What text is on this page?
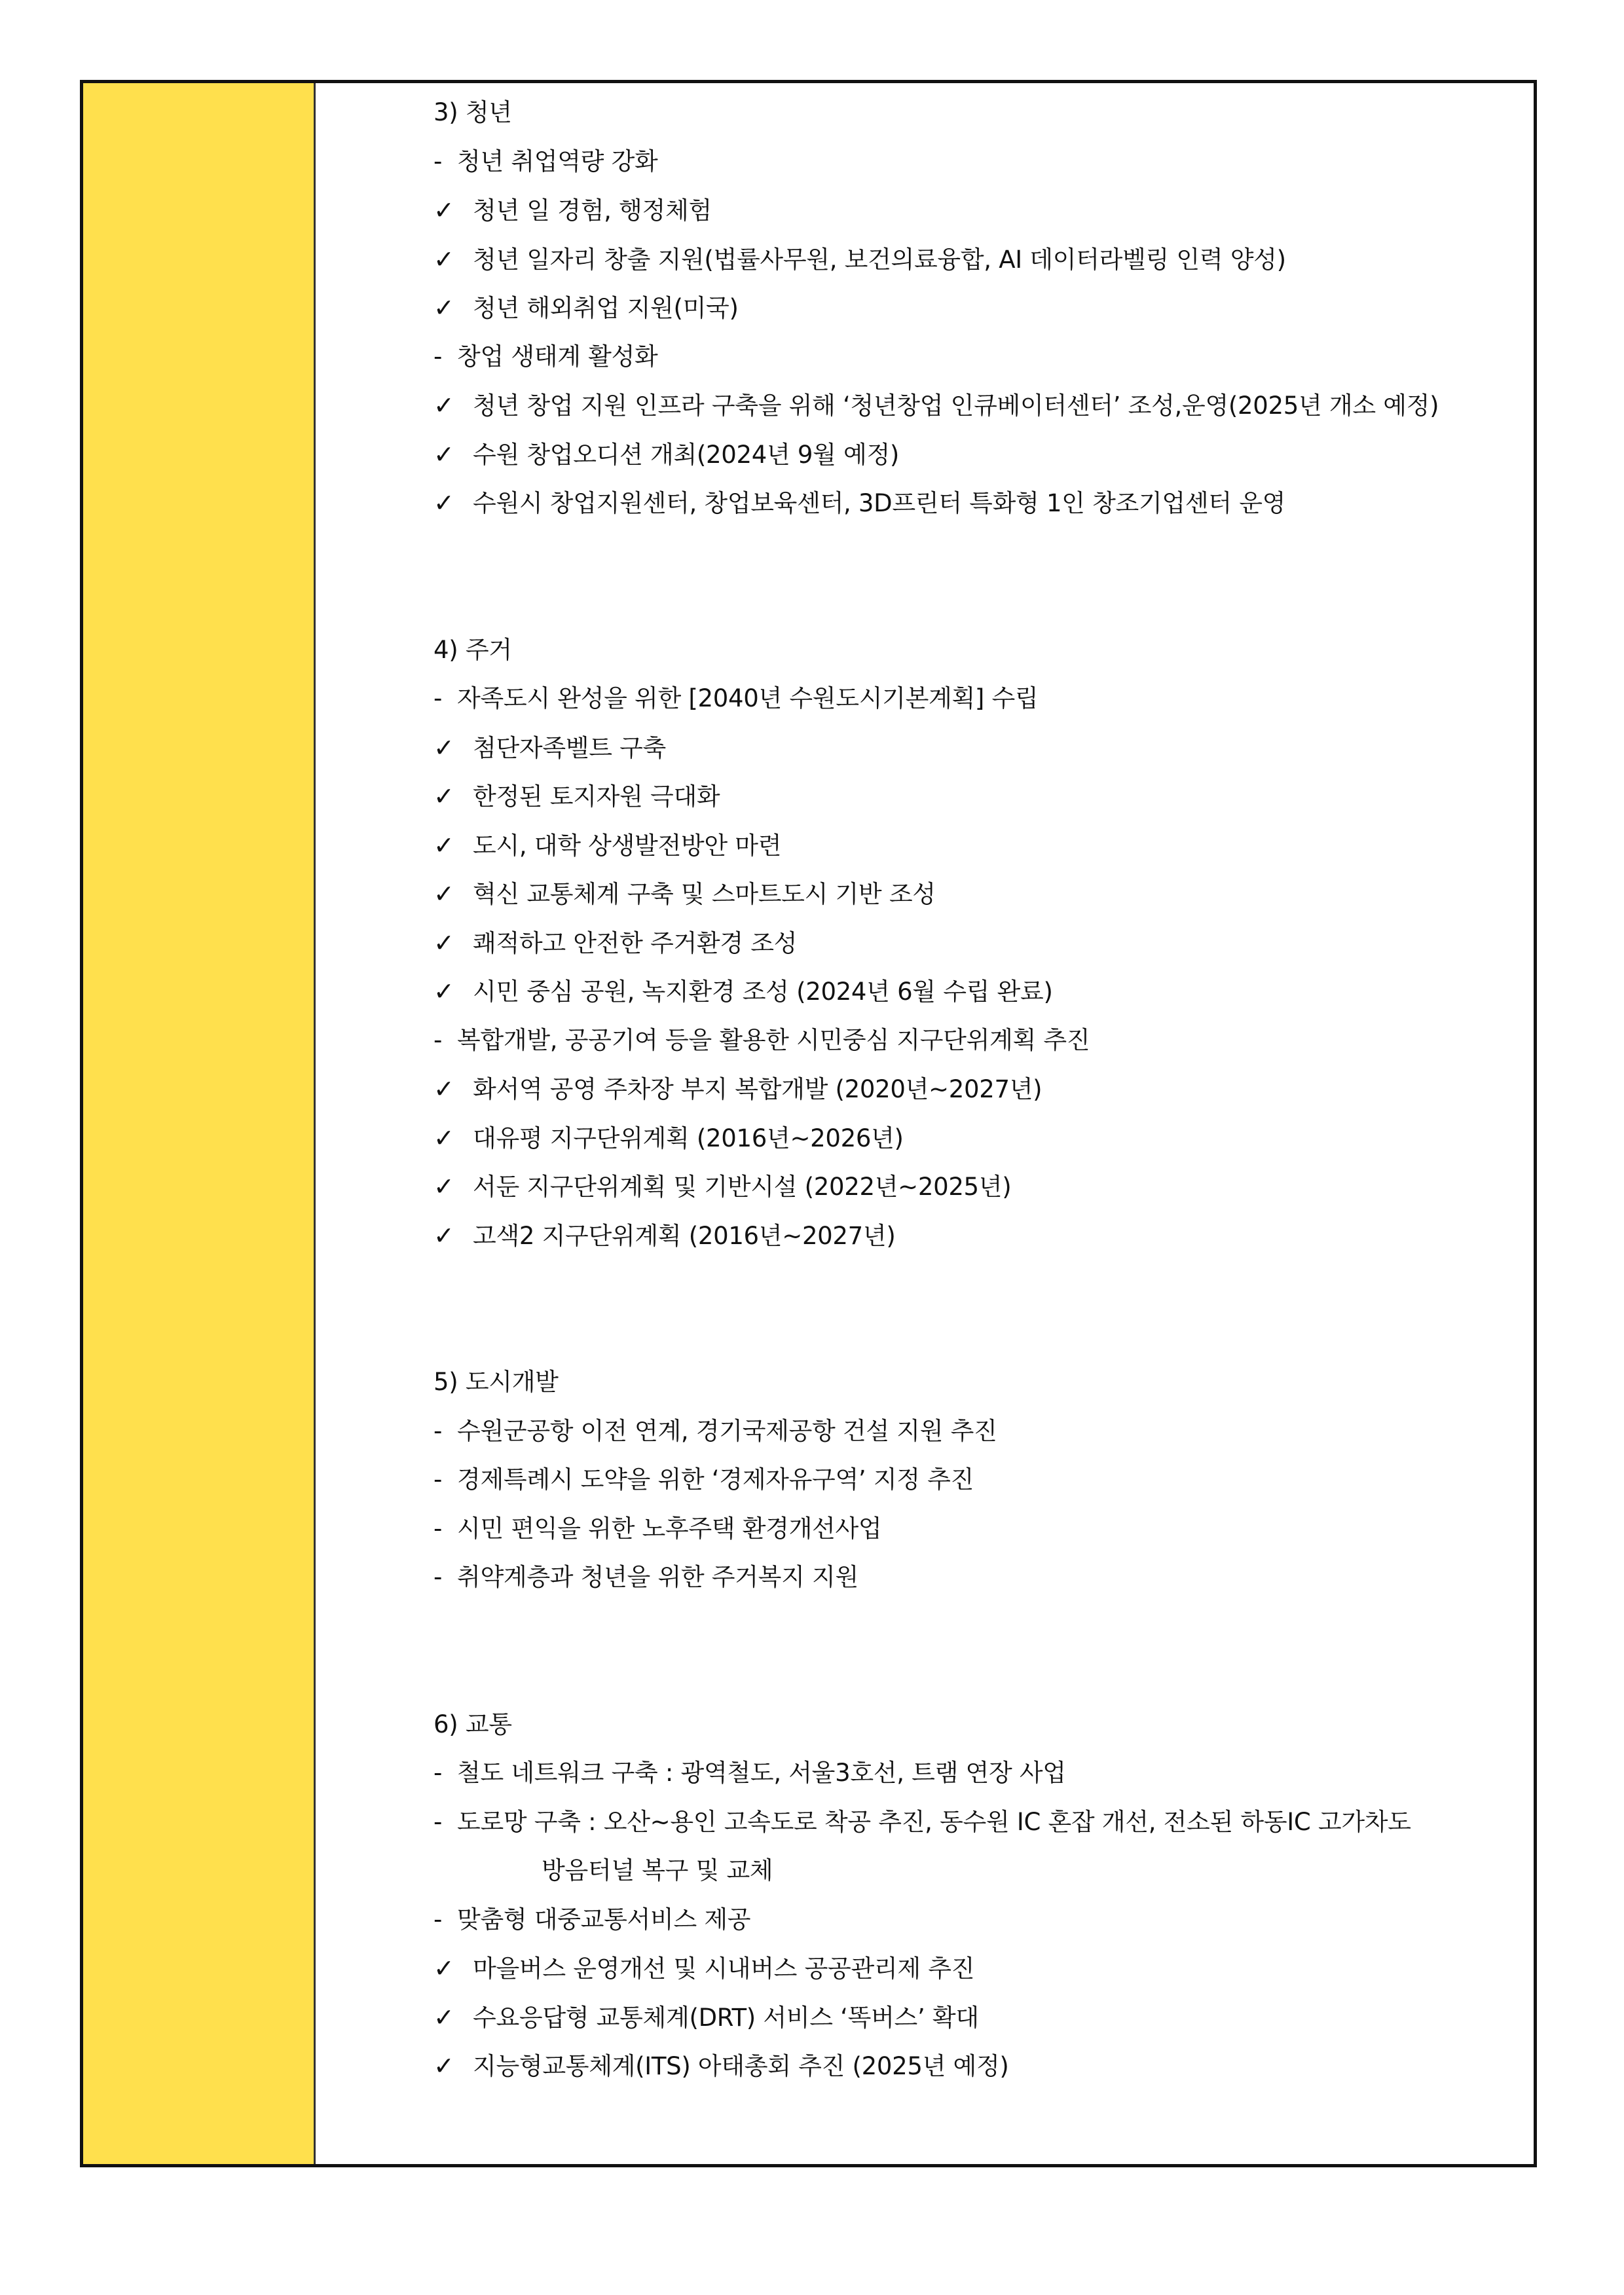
3) 청년
- 청년 취업역량 강화
✓ 청년 일 경험, 행정체험
✓ 청년 일자리 창출 지원(법률사무원, 보건의료융합, AI 데이터라벨링 인력 양성)
✓ 청년 해외취업 지원(미국)
- 창업 생태계 활성화
✓ 청년 창업 지원 인프라 구축을 위해 ‘청년창업 인큐베이터센터’ 조성,운영(2025년 개소 예정)
✓ 수원 창업오디션 개최(2024년 9월 예정)
✓ 수원시 창업지원센터, 창업보육센터, 3D프린터 특화형 1인 창조기업센터 운영
4) 주거
- 자족도시 완성을 위한 [2040년 수원도시기본계획] 수립
✓ 첨단자족벨트 구축
✓ 한정된 토지자원 극대화
✓ 도시, 대학 상생발전방안 마련
✓ 혁신 교통체계 구축 및 스마트도시 기반 조성
✓ 쾌적하고 안전한 주거환경 조성
✓ 시민 중심 공원, 녹지환경 조성 (2024년 6월 수립 완료)
- 복합개발, 공공기여 등을 활용한 시민중심 지구단위계획 추진
✓ 화서역 공영 주차장 부지 복합개발 (2020년~2027년)
✓ 대유평 지구단위계획 (2016년~2026년)
✓ 서둔 지구단위계획 및 기반시설 (2022년~2025년)
✓ 고색2 지구단위계획 (2016년~2027년)
5) 도시개발
- 수원군공항 이전 연계, 경기국제공항 건설 지원 추진
- 경제특례시 도약을 위한 ‘경제자유구역’ 지정 추진
- 시민 편익을 위한 노후주택 환경개선사업
- 취약계층과 청년을 위한 주거복지 지원
6) 교통
- 철도 네트워크 구축 : 광역철도, 서울3호선, 트램 연장 사업
- 도로망 구축 : 오산~용인 고속도로 착공 추진, 동수원 IC 혼잡 개선, 전소된 하동IC 고가차도
방음터널 복구 및 교체
- 맞춤형 대중교통서비스 제공
✓ 마을버스 운영개선 및 시내버스 공공관리제 추진
✓ 수요응답형 교통체계(DRT) 서비스 ‘똑버스’ 확대
✓ 지능형교통체계(ITS) 아태총회 추진 (2025년 예정)
